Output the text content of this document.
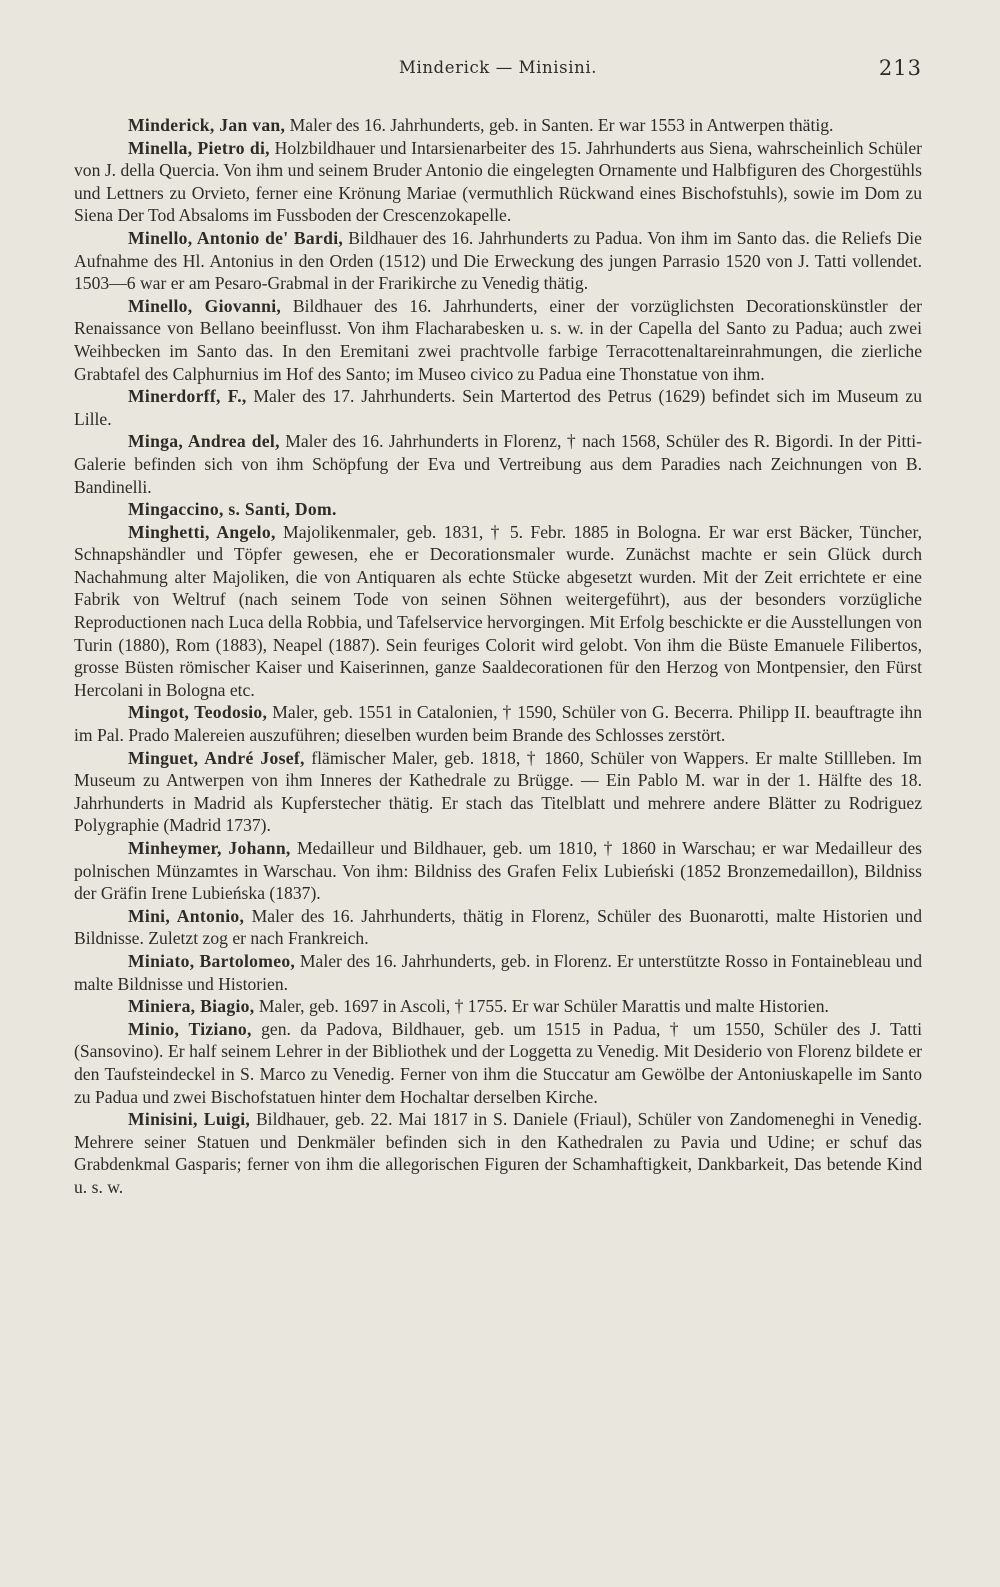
Minderick — Minisini.	213

Minderick, Jan van, Maler des 16. Jahrhunderts, geb. in Santen. Er war 1553 in Antwerpen thätig.

Minella, Pietro di, Holzbildhauer und Intarsienarbeiter des 15. Jahrhunderts aus Siena, wahrscheinlich Schüler von J. della Quercia. Von ihm und seinem Bruder Antonio die eingelegten Ornamente und Halbfiguren des Chorgestühls und Lettners zu Orvieto, ferner eine Krönung Mariae (vermuthlich Rückwand eines Bischofstuhls), sowie im Dom zu Siena Der Tod Absaloms im Fussboden der Crescenzokapelle.

Minello, Antonio de' Bardi, Bildhauer des 16. Jahrhunderts zu Padua. Von ihm im Santo das. die Reliefs Die Aufnahme des Hl. Antonius in den Orden (1512) und Die Erweckung des jungen Parrasio 1520 von J. Tatti vollendet. 1503—6 war er am Pesaro-Grabmal in der Frarikirche zu Venedig thätig.

Minello, Giovanni, Bildhauer des 16. Jahrhunderts, einer der vorzüglichsten Decorationskünstler der Renaissance von Bellano beeinflusst. Von ihm Flacharabesken u. s. w. in der Capella del Santo zu Padua; auch zwei Weihbecken im Santo das. In den Eremitani zwei prachtvolle farbige Terracottenaltareinrahmungen, die zierliche Grabtafel des Calphurnius im Hof des Santo; im Museo civico zu Padua eine Thonstatue von ihm.

Minerdorff, F., Maler des 17. Jahrhunderts. Sein Martertod des Petrus (1629) befindet sich im Museum zu Lille.

Minga, Andrea del, Maler des 16. Jahrhunderts in Florenz, † nach 1568, Schüler des R. Bigordi. In der Pitti-Galerie befinden sich von ihm Schöpfung der Eva und Vertreibung aus dem Paradies nach Zeichnungen von B. Bandinelli.

Mingaccino, s. Santi, Dom.

Minghetti, Angelo, Majolikenmaler, geb. 1831, † 5. Febr. 1885 in Bologna. Er war erst Bäcker, Tüncher, Schnapshändler und Töpfer gewesen, ehe er Decorationsmaler wurde. Zunächst machte er sein Glück durch Nachahmung alter Majoliken, die von Antiquaren als echte Stücke abgesetzt wurden. Mit der Zeit errichtete er eine Fabrik von Weltruf (nach seinem Tode von seinen Söhnen weitergeführt), aus der besonders vorzügliche Reproductionen nach Luca della Robbia, und Tafelservice hervorgingen. Mit Erfolg beschickte er die Ausstellungen von Turin (1880), Rom (1883), Neapel (1887). Sein feuriges Colorit wird gelobt. Von ihm die Büste Emanuele Filibertos, grosse Büsten römischer Kaiser und Kaiserinnen, ganze Saaldecorationen für den Herzog von Montpensier, den Fürst Hercolani in Bologna etc.

Mingot, Teodosio, Maler, geb. 1551 in Catalonien, † 1590, Schüler von G. Becerra. Philipp II. beauftragte ihn im Pal. Prado Malereien auszuführen; dieselben wurden beim Brande des Schlosses zerstört.

Minguet, André Josef, flämischer Maler, geb. 1818, † 1860, Schüler von Wappers. Er malte Stillleben. Im Museum zu Antwerpen von ihm Inneres der Kathedrale zu Brügge. — Ein Pablo M. war in der 1. Hälfte des 18. Jahrhunderts in Madrid als Kupferstecher thätig. Er stach das Titelblatt und mehrere andere Blätter zu Rodriguez Polygraphie (Madrid 1737).

Minheymer, Johann, Medailleur und Bildhauer, geb. um 1810, † 1860 in Warschau; er war Medailleur des polnischen Münzamtes in Warschau. Von ihm: Bildniss des Grafen Felix Lubieński (1852 Bronzemedaillon), Bildniss der Gräfin Irene Lubieńska (1837).

Mini, Antonio, Maler des 16. Jahrhunderts, thätig in Florenz, Schüler des Buonarotti, malte Historien und Bildnisse. Zuletzt zog er nach Frankreich.

Miniato, Bartolomeo, Maler des 16. Jahrhunderts, geb. in Florenz. Er unterstützte Rosso in Fontainebleau und malte Bildnisse und Historien.

Miniera, Biagio, Maler, geb. 1697 in Ascoli, † 1755. Er war Schüler Marattis und malte Historien.

Minio, Tiziano, gen. da Padova, Bildhauer, geb. um 1515 in Padua, † um 1550, Schüler des J. Tatti (Sansovino). Er half seinem Lehrer in der Bibliothek und der Loggetta zu Venedig. Mit Desiderio von Florenz bildete er den Taufsteindeckel in S. Marco zu Venedig. Ferner von ihm die Stuccatur am Gewölbe der Antoniuskapelle im Santo zu Padua und zwei Bischofstatuen hinter dem Hochaltar derselben Kirche.

Minisini, Luigi, Bildhauer, geb. 22. Mai 1817 in S. Daniele (Friaul), Schüler von Zandomeneghi in Venedig. Mehrere seiner Statuen und Denkmäler befinden sich in den Kathedralen zu Pavia und Udine; er schuf das Grabdenkmal Gasparis; ferner von ihm die allegorischen Figuren der Schamhaftigkeit, Dankbarkeit, Das betende Kind u. s. w.
